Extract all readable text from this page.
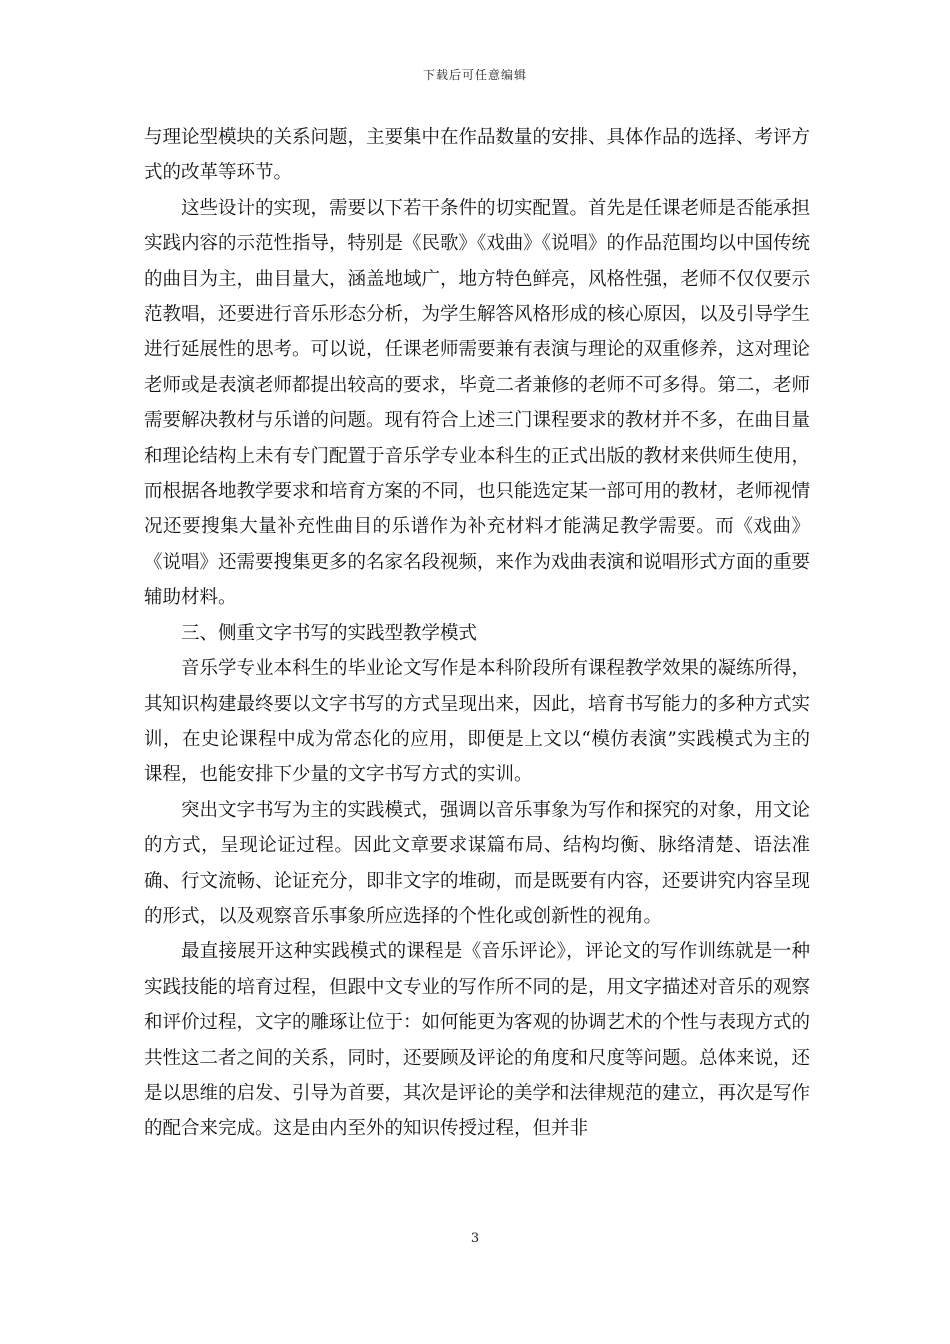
下载后可任意编辑

与理论型模块的关系问题，主要集中在作品数量的安排、具体作品的选择、考评方式的改革等环节。

这些设计的实现，需要以下若干条件的切实配置。首先是任课老师是否能承担实践内容的示范性指导，特别是《民歌》《戏曲》《说唱》的作品范围均以中国传统的曲目为主，曲目量大，涵盖地域广，地方特色鲜亮，风格性强，老师不仅仅要示范教唱，还要进行音乐形态分析，为学生解答风格形成的核心原因，以及引导学生进行延展性的思考。可以说，任课老师需要兼有表演与理论的双重修养，这对理论老师或是表演老师都提出较高的要求，毕竟二者兼修的老师不可多得。第二，老师需要解决教材与乐谱的问题。现有符合上述三门课程要求的教材并不多，在曲目量和理论结构上未有专门配置于音乐学专业本科生的正式出版的教材来供师生使用，而根据各地教学要求和培育方案的不同，也只能选定某一部可用的教材，老师视情况还要搜集大量补充性曲目的乐谱作为补充材料才能满足教学需要。而《戏曲》《说唱》还需要搜集更多的名家名段视频，来作为戏曲表演和说唱形式方面的重要辅助材料。

三、侧重文字书写的实践型教学模式

音乐学专业本科生的毕业论文写作是本科阶段所有课程教学效果的凝练所得，其知识构建最终要以文字书写的方式呈现出来，因此，培育书写能力的多种方式实训，在史论课程中成为常态化的应用，即便是上文以“模仿表演”实践模式为主的课程，也能安排下少量的文字书写方式的实训。

突出文字书写为主的实践模式，强调以音乐事象为写作和探究的对象，用文论的方式，呈现论证过程。因此文章要求谋篇布局、结构均衡、脉络清楚、语法准确、行文流畅、论证充分，即非文字的堆砌，而是既要有内容，还要讲究内容呈现的形式，以及观察音乐事象所应选择的个性化或创新性的视角。

最直接展开这种实践模式的课程是《音乐评论》，评论文的写作训练就是一种实践技能的培育过程，但跟中文专业的写作所不同的是，用文字描述对音乐的观察和评价过程，文字的雕琢让位于：如何能更为客观的协调艺术的个性与表现方式的共性这二者之间的关系，同时，还要顾及评论的角度和尺度等问题。总体来说，还是以思维的启发、引导为首要，其次是评论的美学和法律规范的建立，再次是写作的配合来完成。这是由内至外的知识传授过程，但并非

3
